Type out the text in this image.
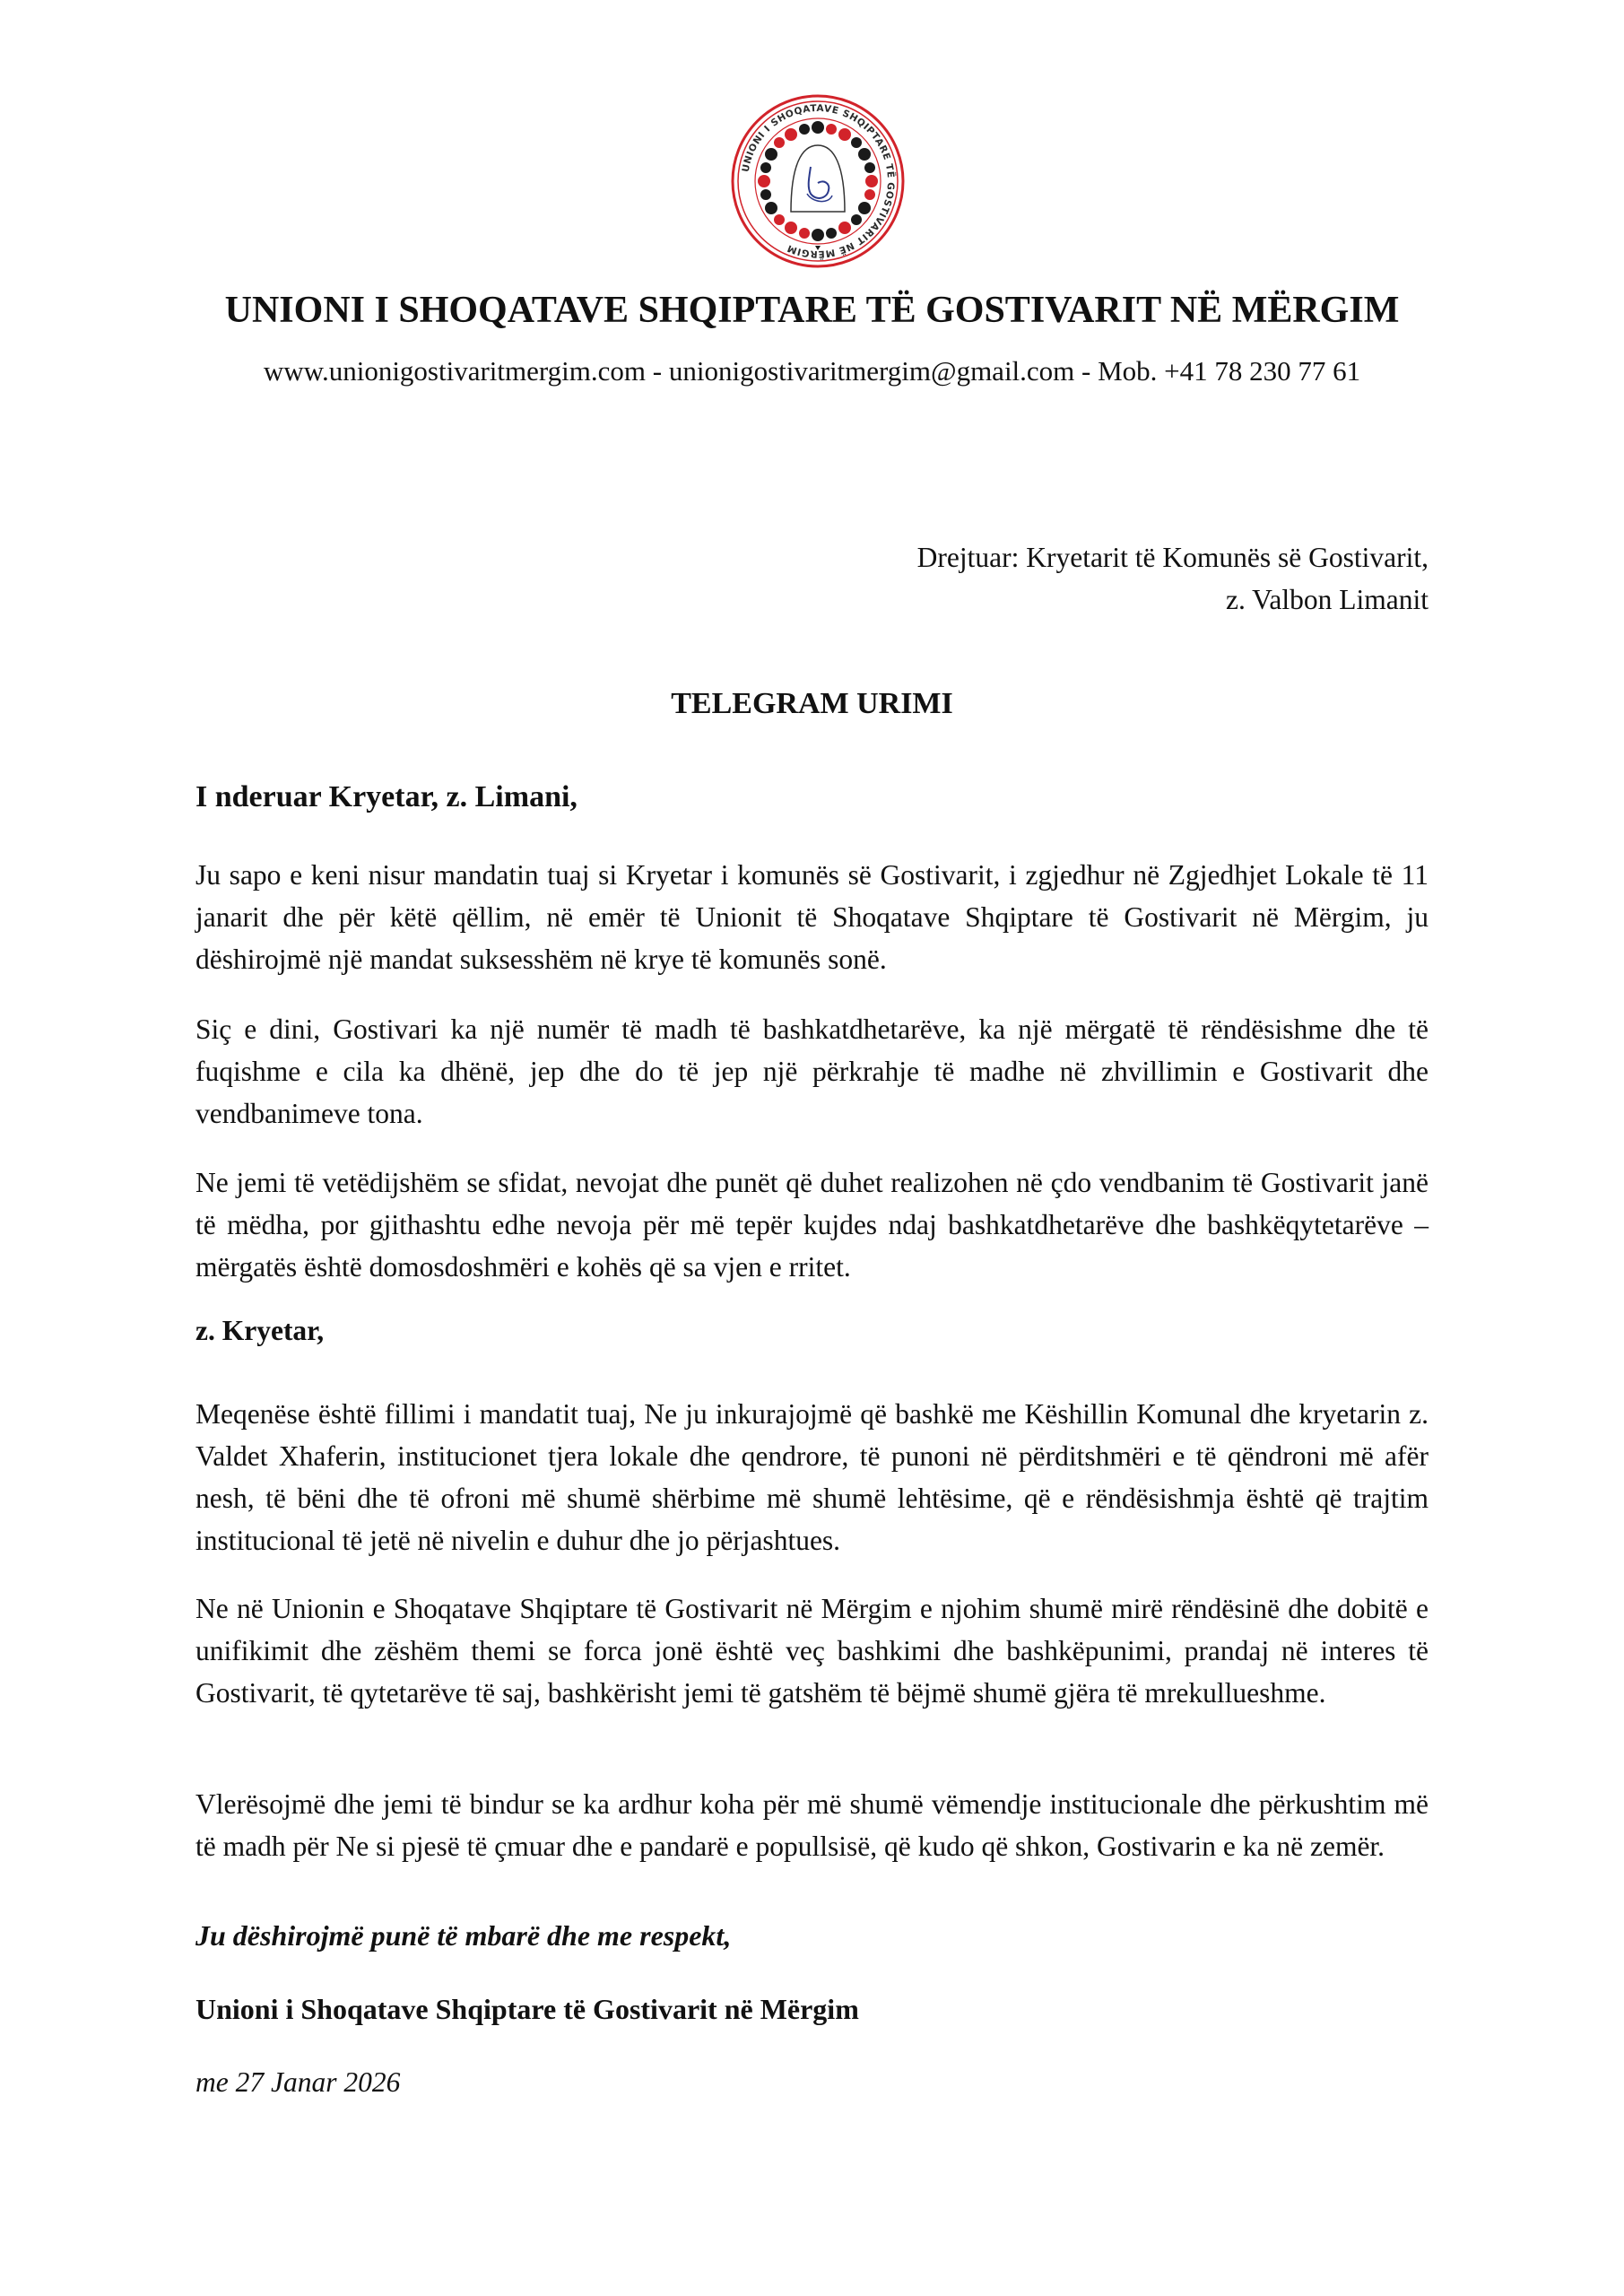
UNIONI I SHOQATAVE SHQIPTARE TË GOSTIVARIT NË MËRGIM
UNIONI I SHOQATAVE SHQIPTARE TË GOSTIVARIT NË MËRGIM
www.unionigostivaritmergim.com - unionigostivaritmergim@gmail.com - Mob. +41 78 230 77 61
Drejtuar: Kryetarit të Komunës së Gostivarit,
z. Valbon Limanit
TELEGRAM URIMI
I nderuar Kryetar, z. Limani,
Ju sapo e keni nisur mandatin tuaj si Kryetar i komunës së Gostivarit, i zgjedhur në Zgjedhjet Lokale të 11 janarit dhe për këtë qëllim, në emër të Unionit të Shoqatave Shqiptare të Gostivarit në Mërgim, ju dëshirojmë një mandat suksesshëm në krye të komunës sonë.
Siç e dini, Gostivari ka një numër të madh të bashkatdhetarëve, ka një mërgatë të rëndësishme dhe të fuqishme e cila ka dhënë, jep dhe do të jep një përkrahje të madhe në zhvillimin e Gostivarit dhe vendbanimeve tona.
Ne jemi të vetëdijshëm se sfidat, nevojat dhe punët që duhet realizohen në çdo vendbanim të Gostivarit janë të mëdha, por gjithashtu edhe nevoja për më tepër kujdes ndaj bashkatdhetarëve dhe bashkëqytetarëve – mërgatës është domosdoshmëri e kohës që sa vjen e rritet.
z. Kryetar,
Meqenëse është fillimi i mandatit tuaj, Ne ju inkurajojmë që bashkë me Këshillin Komunal dhe kryetarin z. Valdet Xhaferin, institucionet tjera lokale dhe qendrore, të punoni në përditshmëri e të qëndroni më afër nesh, të bëni dhe të ofroni më shumë shërbime më shumë lehtësime, që e rëndësishmja është që trajtim institucional të jetë në nivelin e duhur dhe jo përjashtues.
Ne në Unionin e Shoqatave Shqiptare të Gostivarit në Mërgim e njohim shumë mirë rëndësinë dhe dobitë e unifikimit dhe zëshëm themi se forca jonë është veç bashkimi dhe bashkëpunimi, prandaj në interes të Gostivarit, të qytetarëve të saj, bashkërisht jemi të gatshëm të bëjmë shumë gjëra të mrekullueshme.
Vlerësojmë dhe jemi të bindur se ka ardhur koha për më shumë vëmendje institucionale dhe përkushtim më të madh për Ne si pjesë të çmuar dhe e pandarë e popullsisë, që kudo që shkon, Gostivarin e ka në zemër.
Ju dëshirojmë punë të mbarë dhe me respekt,
Unioni i Shoqatave Shqiptare të Gostivarit në Mërgim
me 27 Janar 2026
